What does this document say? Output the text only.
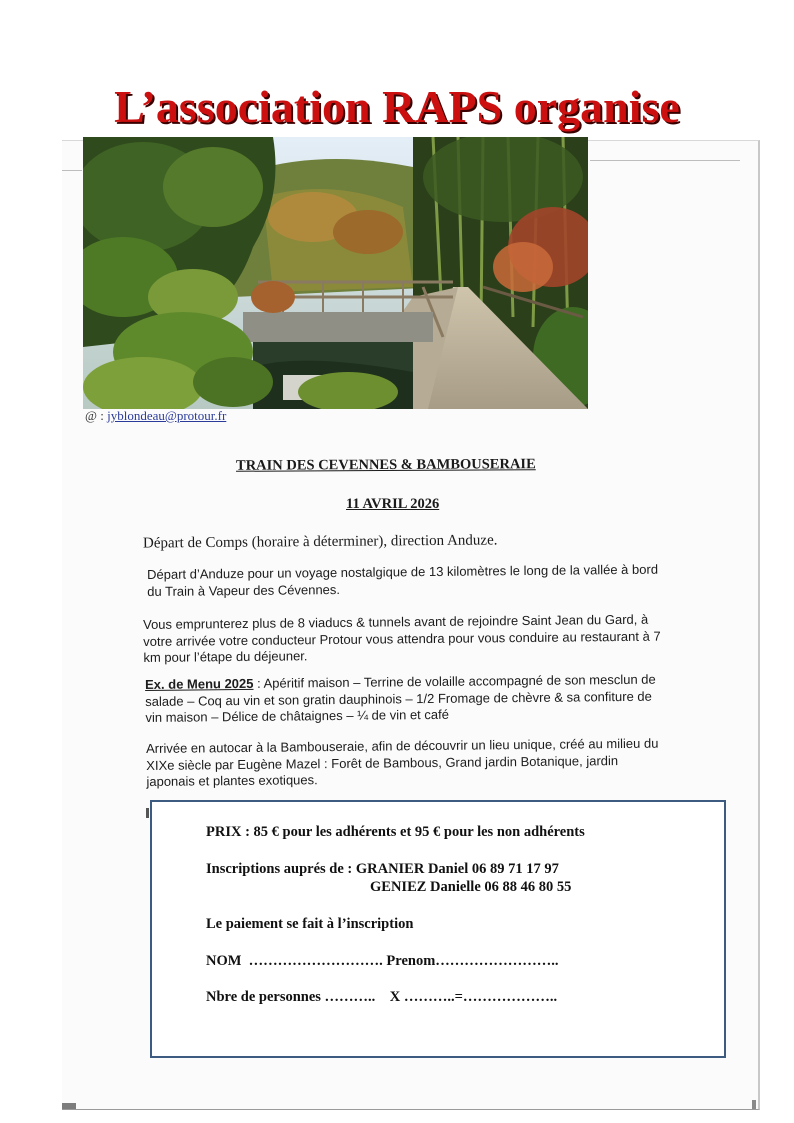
L’association RAPS organise
@ : jyblondeau@protour.fr
TRAIN DES CEVENNES & BAMBOUSERAIE
11 AVRIL 2026
Départ de Comps (horaire à déterminer), direction Anduze.

Départ d’Anduze pour un voyage nostalgique de 13 kilomètres le long de la vallée à bord du Train à Vapeur des Cévennes.

Vous emprunterez plus de 8 viaducs & tunnels avant de rejoindre Saint Jean du Gard, à votre arrivée votre conducteur Protour vous attendra pour vous conduire au restaurant à 7 km pour l’étape du déjeuner.

Ex. de Menu 2025 : Apéritif maison – Terrine de volaille accompagné de son mesclun de salade – Coq au vin et son gratin dauphinois – 1/2 Fromage de chèvre & sa confiture de vin maison – Délice de châtaignes – ¼ de vin et café

Arrivée en autocar à la Bambouseraie, afin de découvrir un lieu unique, créé au milieu du XIXe siècle par Eugène Mazel : Forêt de Bambous, Grand jardin Botanique, jardin japonais et plantes exotiques.

PRIX : 85 € pour les adhérents et 95 € pour les non adhérents
Inscriptions auprés de : GRANIER Daniel 06 89 71 17 97
GENIEZ Danielle 06 88 46 80 55
Le paiement se fait à l’inscription
NOM  ………………………. Prenom……………………..
Nbre de personnes ………..    X ………..=………………..
